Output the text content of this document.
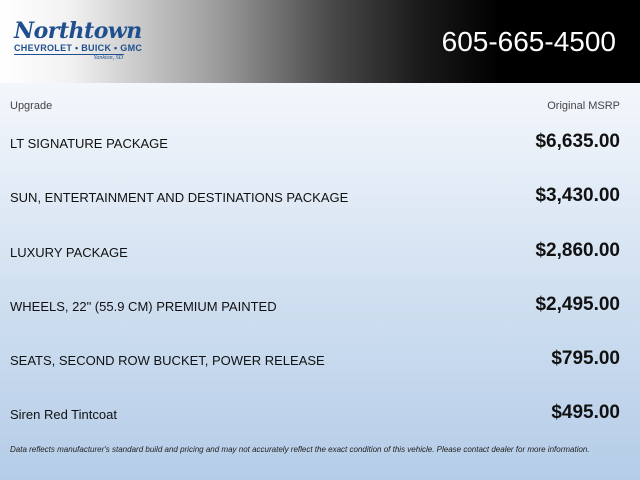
Northtown
CHEVROLET • BUICK • GMC
Yankton, SD
605-665-4500
Upgrade	Original MSRP
LT SIGNATURE PACKAGE	$6,635.00
SUN, ENTERTAINMENT AND DESTINATIONS PACKAGE	$3,430.00
LUXURY PACKAGE	$2,860.00
WHEELS, 22" (55.9 CM) PREMIUM PAINTED	$2,495.00
SEATS, SECOND ROW BUCKET, POWER RELEASE	$795.00
Siren Red Tintcoat	$495.00
Data reflects manufacturer's standard build and pricing and may not accurately reflect the exact condition of this vehicle. Please contact dealer for more information.
